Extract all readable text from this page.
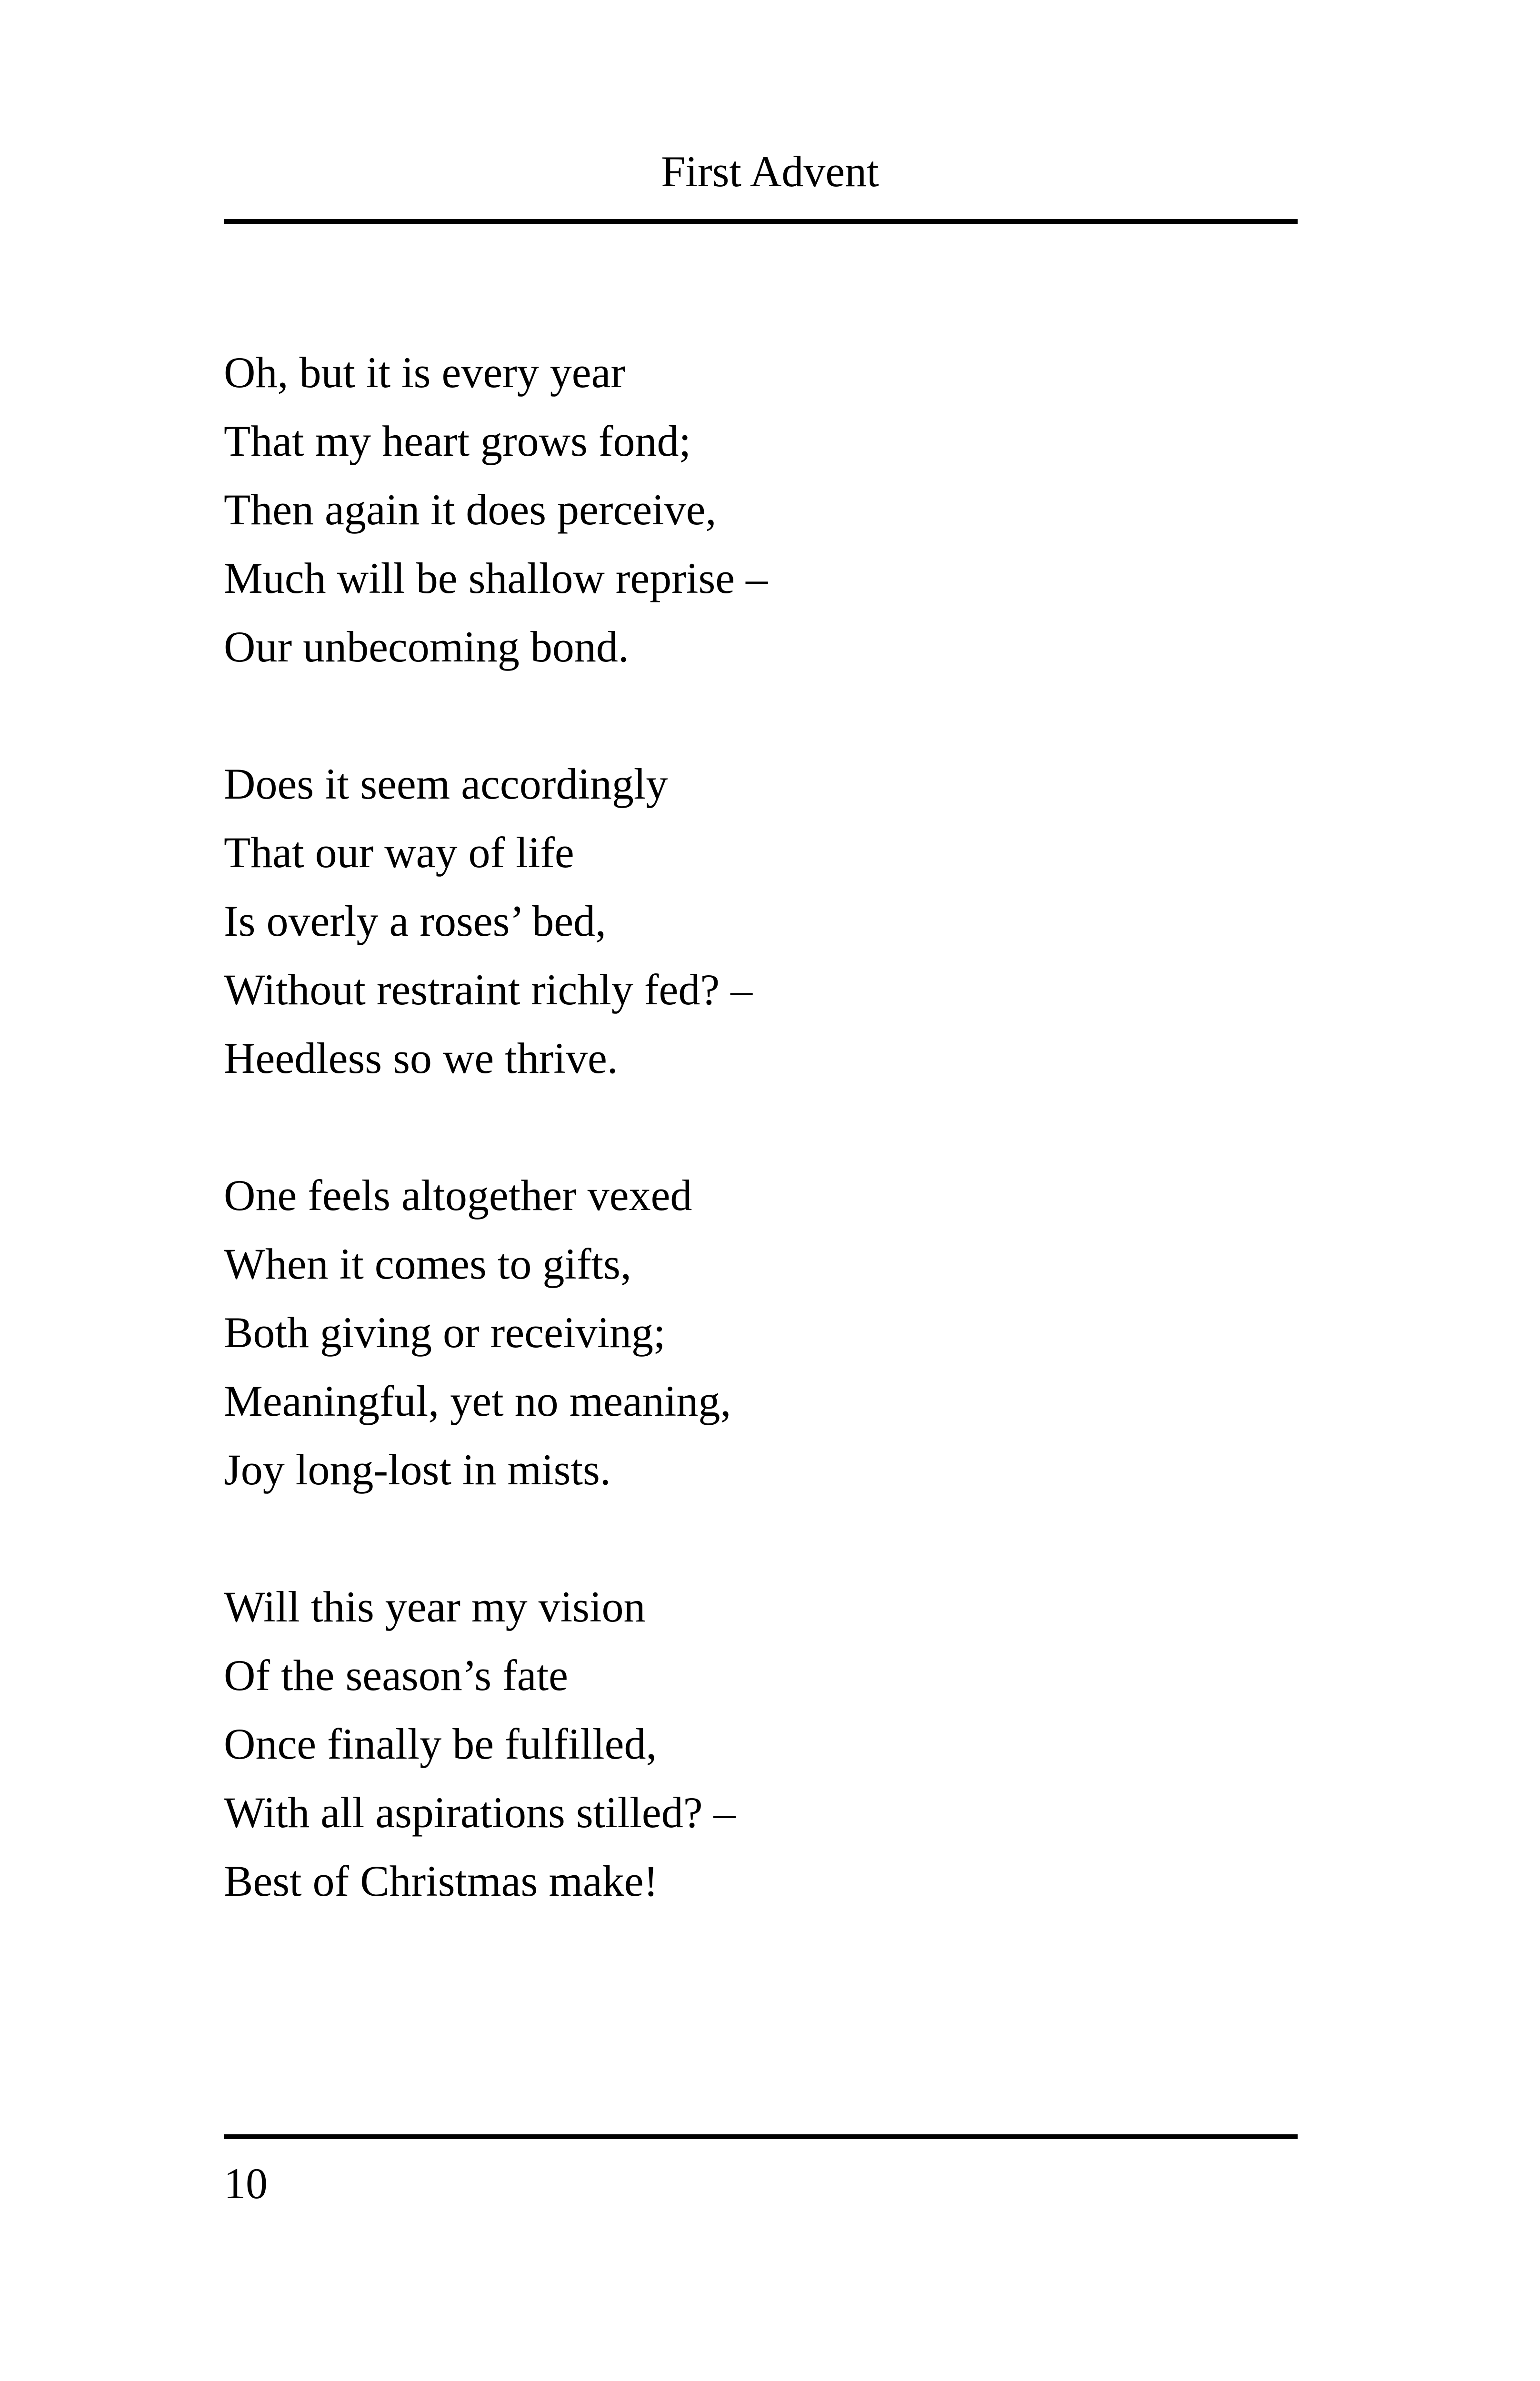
First Advent
Oh, but it is every year
That my heart grows fond;
Then again it does perceive,
Much will be shallow reprise –
Our unbecoming bond.
Does it seem accordingly
That our way of life
Is overly a roses’ bed,
Without restraint richly fed? –
Heedless so we thrive.
One feels altogether vexed
When it comes to gifts,
Both giving or receiving;
Meaningful, yet no meaning,
Joy long-lost in mists.
Will this year my vision
Of the season’s fate
Once finally be fulfilled,
With all aspirations stilled? –
Best of Christmas make!
10
